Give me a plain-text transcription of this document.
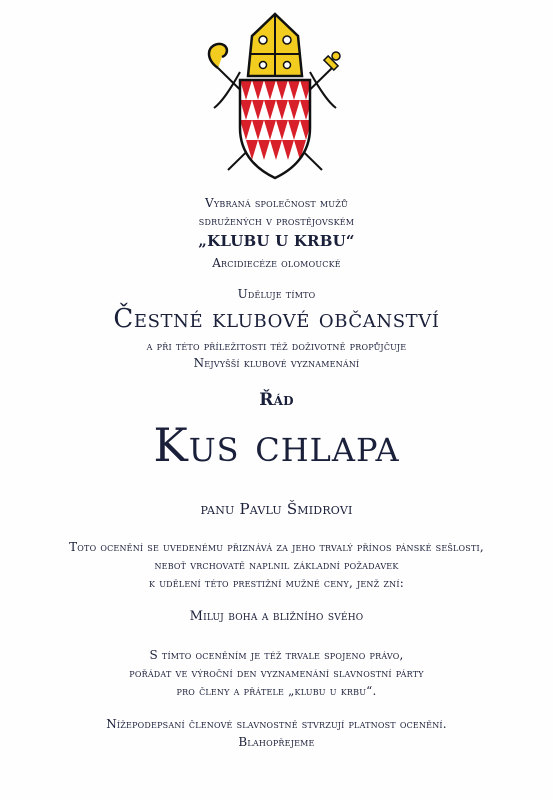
Vybraná společnost mužů
sdružených v prostějovském
„KLUBU U KRBU“
Arcidiecéze olomoucké
Uděluje tímto
Čestné klubové občanství
a při této příležitosti též doživotně propůjčuje
Nejvyšší klubové vyznamenání
Řád
Kus chlapa
panu Pavlu Šmidrovi
Toto ocenění se uvedenému přiznává za jeho trvalý přínos pánské sešlosti,
neboť vrchovatě naplnil základní požadavek
k udělení této prestižní mužné ceny, jenž zní:
Miluj boha a bližního svého
S tímto oceněním je též trvale spojeno právo,
pořádat ve výroční den vyznamenání slavnostní párty
pro členy a přátele „klubu u krbu“.
Nížepodepsaní členové slavnostně stvrzují platnost ocenění.
Blahopřejeme
